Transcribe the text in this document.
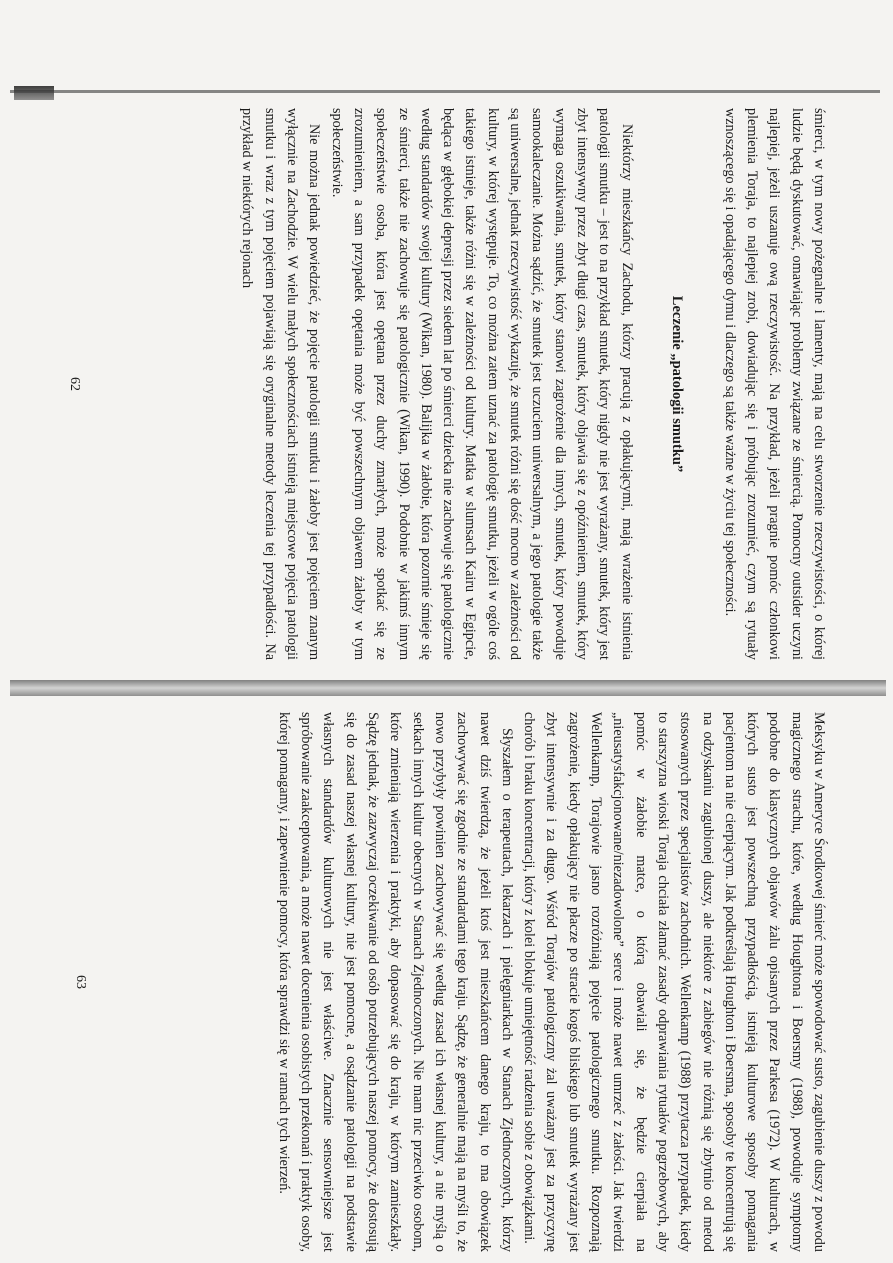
śmierci, w tym nowy pożegnalne i lamenty, mają na celu stworzenie rzeczywistości, o której ludzie będą dyskutować, omawiając problemy związane ze śmiercią. Pomocny outsider uczyni najlepiej, jeżeli uszanuje ową rzeczywistość. Na przykład, jeżeli pragnie pomóc członkowi plemienia Toraja, to najlepiej zrobi, dowiadując się i próbując zrozumieć, czym są rytuały wznoszącego się i opadającego dymu i dlaczego są także ważne w życiu tej społeczności.

Leczenie „patologii smutku”

Niektórzy mieszkańcy Zachodu, którzy pracują z opłakującymi, mają wrażenie istnienia patologii smutku – jest to na przykład smutek, który nigdy nie jest wyrażany, smutek, który jest zbyt intensywny przez zbyt długi czas, smutek, który objawia się z opóźnieniem, smutek, który wymaga oszukiwania, smutek, który stanowi zagrożenie dla innych, smutek, który powoduje samookaleczanie. Można sądzić, że smutek jest uczuciem uniwersalnym, a jego patologie także są uniwersalne, jednak rzeczywistość wykazuje, że smutek różni się dość mocno w zależności od kultury, w której występuje. To, co można zatem uznać za patologię smutku, jeżeli w ogóle coś takiego istnieje, także różni się w zależności od kultury. Matka w slumsach Kairu w Egipcie, będąca w głębokiej depresji przez siedem lat po śmierci dziecka nie zachowuje się patologicznie według standardów swojej kultury (Wikan, 1980). Balijka w żałobie, która pozornie śmieje się ze śmierci, także nie zachowuje się patologicznie (Wikan, 1990). Podobnie w jakimś innym społeczeństwie osoba, która jest opętana przez duchy zmarłych, może spotkać się ze zrozumieniem, a sam przypadek opętania może być powszechnym objawem żałoby w tym społeczeństwie.

Nie można jednak powiedzieć, że pojęcie patologii smutku i żałoby jest pojęciem znanym wyłącznie na Zachodzie. W wielu małych społecznościach istnieją miejscowe pojęcia patologii smutku i wraz z tym pojęciem pojawiają się oryginalne metody leczenia tej przypadłości. Na przykład w niektórych rejonach

62

Meksyku w Ameryce Środkowej śmierć może spowodować susto, zagubienie duszy z powodu magicznego strachu, które, według Houghtona i Boersmy (1988), powoduje symptomy podobne do klasycznych objawów żalu opisanych przez Parkesa (1972). W kulturach, w których susto jest powszechną przypadłością, istnieją kulturowe sposoby pomagania pacjentom na nie cierpiącym. Jak podkreślają Houghton i Boersma, sposoby te koncentrują się na odzyskaniu zagubionej duszy, ale niektóre z zabiegów nie różnią się zbytnio od metod stosowanych przez specjalistów zachodnich. Wellenkamp (1988) przytacza przypadek, kiedy to starszyzna wioski Toraja chciała złamać zasady odprawiania rytuałów pogrzebowych, aby pomóc w żałobie matce, o którą obawiali się, że będzie cierpiała na „nieusatysfakcjonowane/niezadowolone” serce i może nawet umrzeć z żałości. Jak twierdzi Wellenkamp, Torajowie jasno rozróżniają pojęcie patologicznego smutku. Rozpoznają zagrożenie, kiedy opłakujący nie płacze po stracie kogoś bliskiego lub smutek wyrażany jest zbyt intensywnie i za długo. Wśród Torajów patologiczny żal uważany jest za przyczynę chorób i braku koncentracji, który z kolei blokuje umiejętność radzenia sobie z obowiązkami.

Słyszałem o terapeutach, lekarzach i pielęgniarkach w Stanach Zjednoczonych, którzy nawet dziś twierdzą, że jeżeli ktoś jest mieszkańcem danego kraju, to ma obowiązek zachowywać się zgodnie ze standardami tego kraju. Sądzę, że generalnie mają na myśli to, że nowo przybyły powinien zachowywać się według zasad ich własnej kultury, a nie myślą o setkach innych kultur obecnych w Stanach Zjednoczonych. Nie mam nic przeciwko osobom, które zmieniają wierzenia i praktyki, aby dopasować się do kraju, w którym zamieszkały. Sądzę jednak, że zazwyczaj oczekiwanie od osób potrzebujących naszej pomocy, że dostosują się do zasad naszej własnej kultury, nie jest pomocne, a osądzanie patologii na podstawie własnych standardów kulturowych nie jest właściwe. Znacznie sensowniejsze jest spróbowanie zaakceptowania, a może nawet docenienia osobistych przekonań i praktyk osoby, której pomagamy, i zapewnienie pomocy, która sprawdzi się w ramach tych wierzeń.

63
